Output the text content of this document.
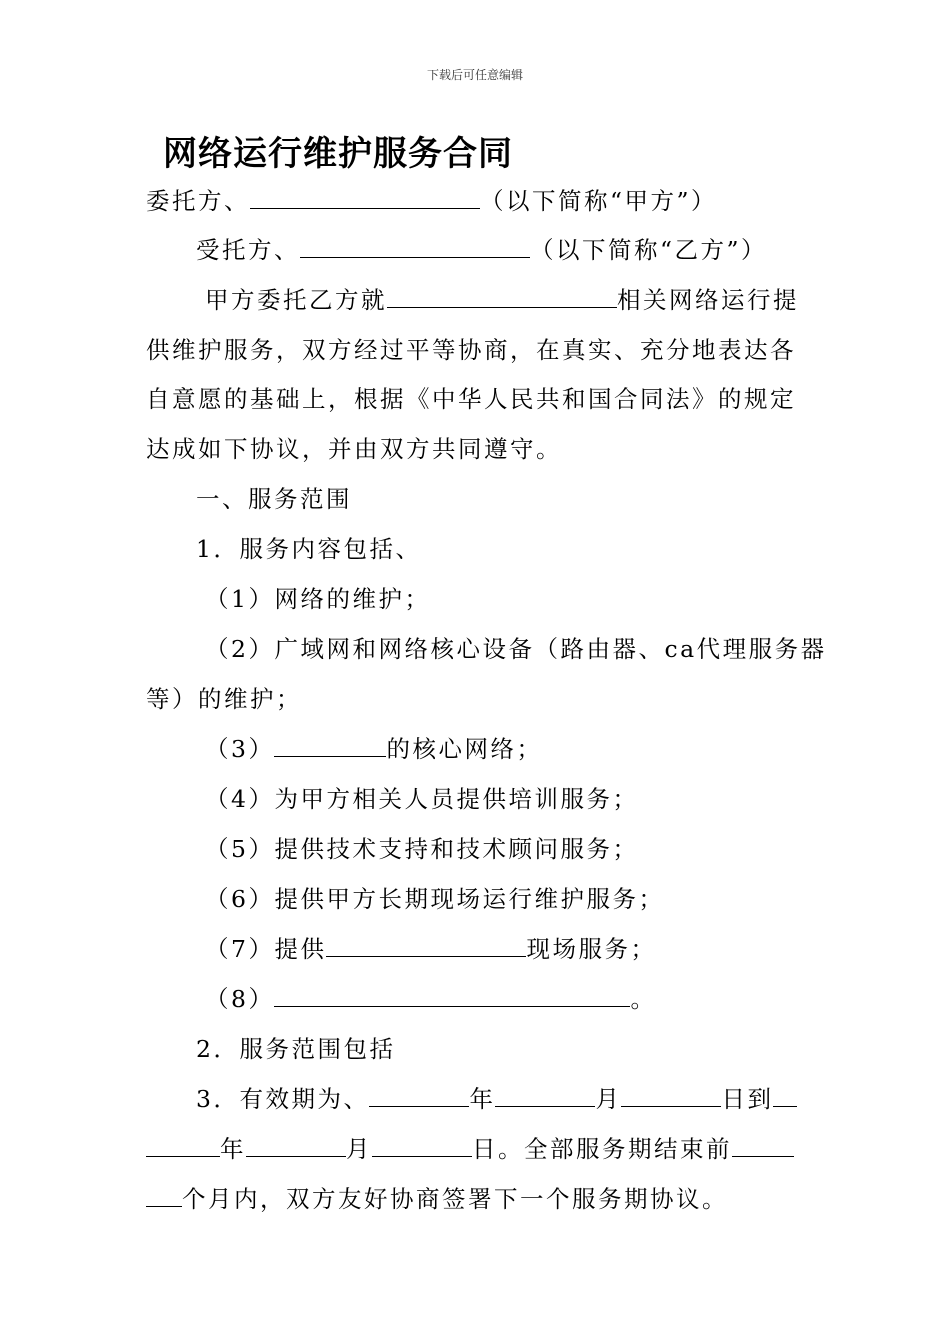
下载后可任意编辑
网络运行维护服务合同
委托方、	（以下简称“甲方”）
受托方、	（以下简称“乙方”）
甲方委托乙方就	相关网络运行提
供维护服务，双方经过平等协商，在真实、充分地表达各
自意愿的基础上，根据《中华人民共和国合同法》的规定
达成如下协议，并由双方共同遵守。
一、服务范围
1．服务内容包括、
（1）网络的维护；
（2）广域网和网络核心设备（路由器、ca代理服务器
等）的维护；
（3）	的核心网络；
（4）为甲方相关人员提供培训服务；
（5）提供技术支持和技术顾问服务；
（6）提供甲方长期现场运行维护服务；
（7）提供	现场服务；
（8）	。
2．服务范围包括
3．有效期为、	年	月	日到
年	月	日。全部服务期结束前
个月内，双方友好协商签署下一个服务期协议。
